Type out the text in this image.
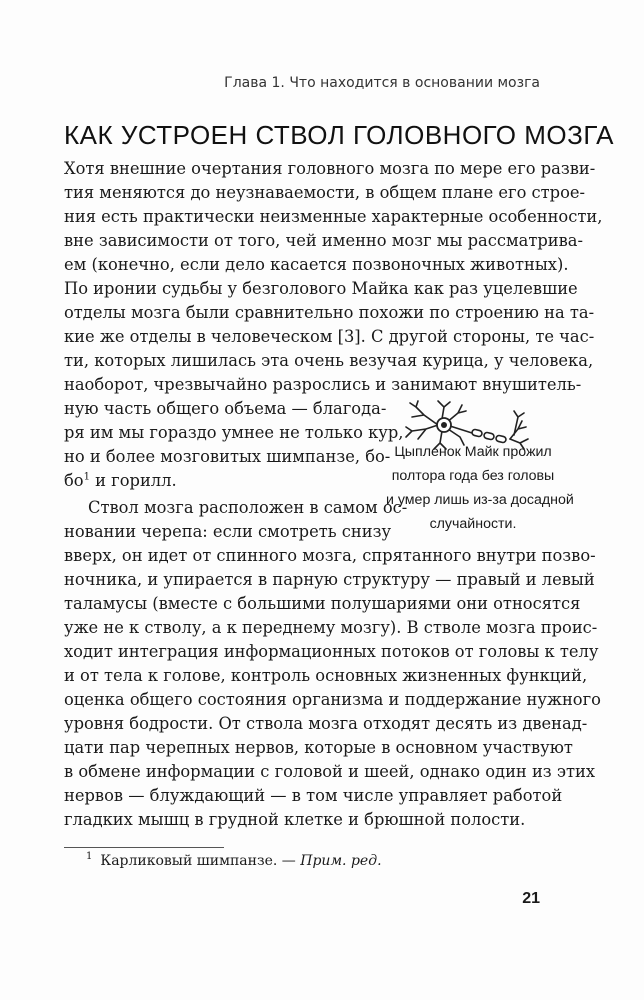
Глава 1. Что находится в основании мозга
КАК УСТРОЕН СТВОЛ ГОЛОВНОГО МОЗГА
Хотя внешние очертания головного мозга по мере его разви-
тия меняются до неузнаваемости, в общем плане его строе-
ния есть практически неизменные характерные особенности,
вне зависимости от того, чей именно мозг мы рассматрива-
ем (конечно, если дело касается позвоночных животных).
По иронии судьбы у безголового Майка как раз уцелевшие
отделы мозга были сравнительно похожи по строению на та-
кие же отделы в человеческом [3]. С другой стороны, те час-
ти, которых лишилась эта очень везучая курица, у человека,
наоборот, чрезвычайно разрослись и занимают внушитель-
ную часть общего объема — благода-
ря им мы гораздо умнее не только кур,
но и более мозговитых шимпанзе, бо-
бо$^1$ и горилл.
Ствол мозга расположен в самом ос-
новании черепа: если смотреть снизу
вверх, он идет от спинного мозга, спрятанного внутри позво-
ночника, и упирается в парную структуру — правый и левый
таламусы (вместе с большими полушариями они относятся
уже не к стволу, а к переднему мозгу). В стволе мозга проис-
ходит интеграция информационных потоков от головы к телу
и от тела к голове, контроль основных жизненных функций,
оценка общего состояния организма и поддержание нужного
уровня бодрости. От ствола мозга отходят десять из двенад-
цати пар черепных нервов, которые в основном участвуют
в обмене информации с головой и шеей, однако один из этих
нервов — блуждающий — в том числе управляет работой
гладких мышц в грудной клетке и брюшной полости.
Цыпленок Майк прожил
полтора года без головы
и умер лишь из-за досадной
случайности.
$^1$ Карликовый шимпанзе. — Прим. ред.
21
